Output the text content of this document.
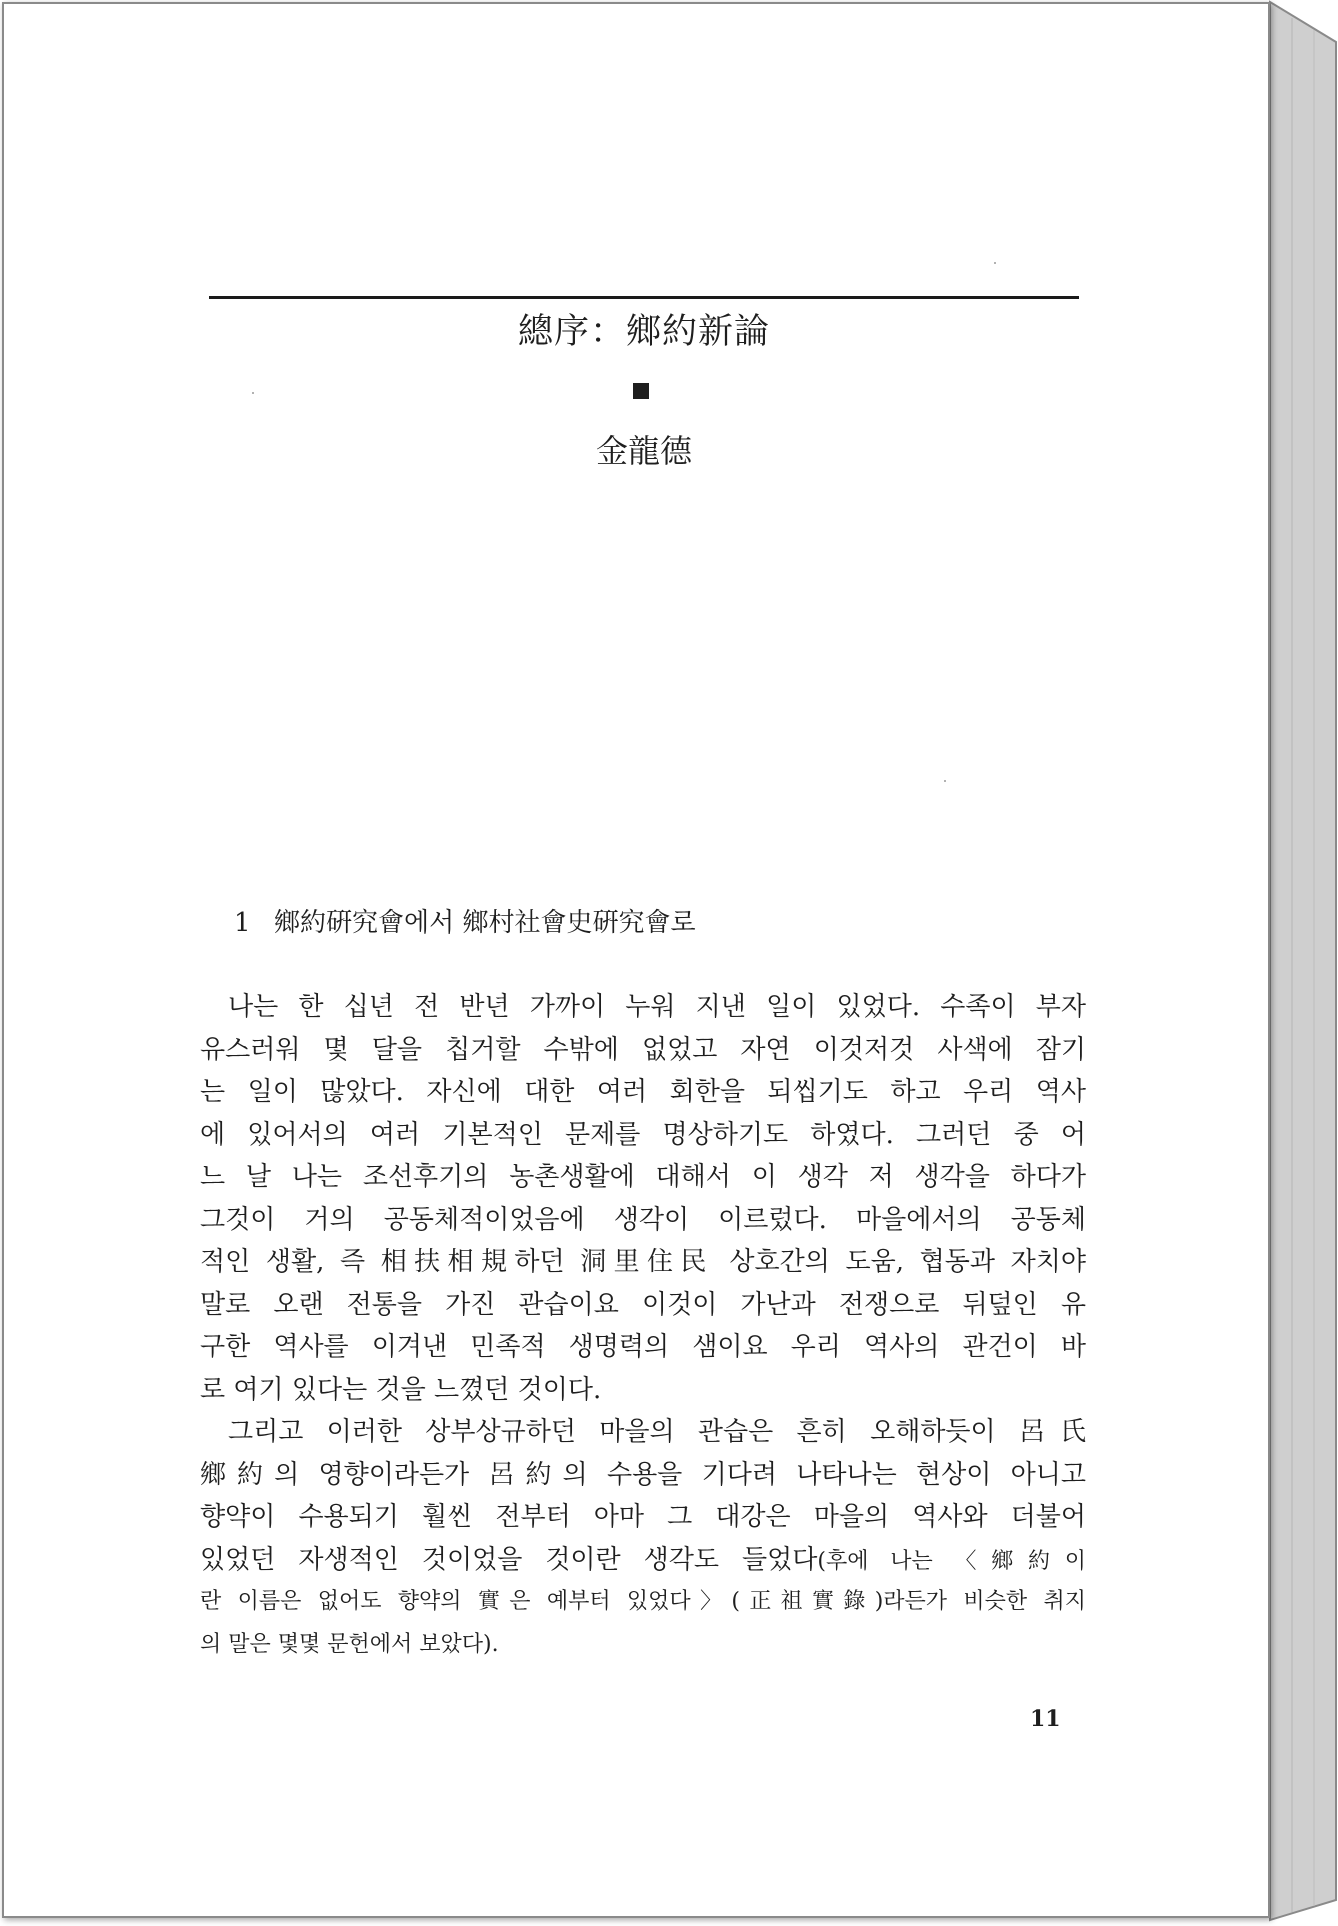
總序：鄉約新論
金龍德
1 鄉約硏究會에서 鄉村社會史硏究會로
나는 한 십년 전 반년 가까이 누워 지낸 일이 있었다. 수족이 부자
유스러워 몇 달을 칩거할 수밖에 없었고 자연 이것저것 사색에 잠기
는 일이 많았다. 자신에 대한 여러 회한을 되씹기도 하고 우리 역사
에 있어서의 여러 기본적인 문제를 명상하기도 하였다. 그러던 중 어
느 날 나는 조선후기의 농촌생활에 대해서 이 생각 저 생각을 하다가
그것이 거의 공동체적이었음에 생각이 이르렀다. 마을에서의 공동체
적인 생활, 즉 相扶相規하던 洞里住民 상호간의 도움, 협동과 자치야
말로 오랜 전통을 가진 관습이요 이것이 가난과 전쟁으로 뒤덮인 유
구한 역사를 이겨낸 민족적 생명력의 샘이요 우리 역사의 관건이 바
로 여기 있다는 것을 느꼈던 것이다.
그리고 이러한 상부상규하던 마을의 관습은 흔히 오해하듯이 呂氏
鄉約의 영향이라든가 呂約의 수용을 기다려 나타나는 현상이 아니고
향약이 수용되기 훨씬 전부터 아마 그 대강은 마을의 역사와 더불어
있었던 자생적인 것이었을 것이란 생각도 들었다(후에 나는 〈鄉約이
란 이름은 없어도 향약의 實은 예부터 있었다〉(正祖實錄)라든가 비슷한 취지
의 말은 몇몇 문헌에서 보았다).
11
